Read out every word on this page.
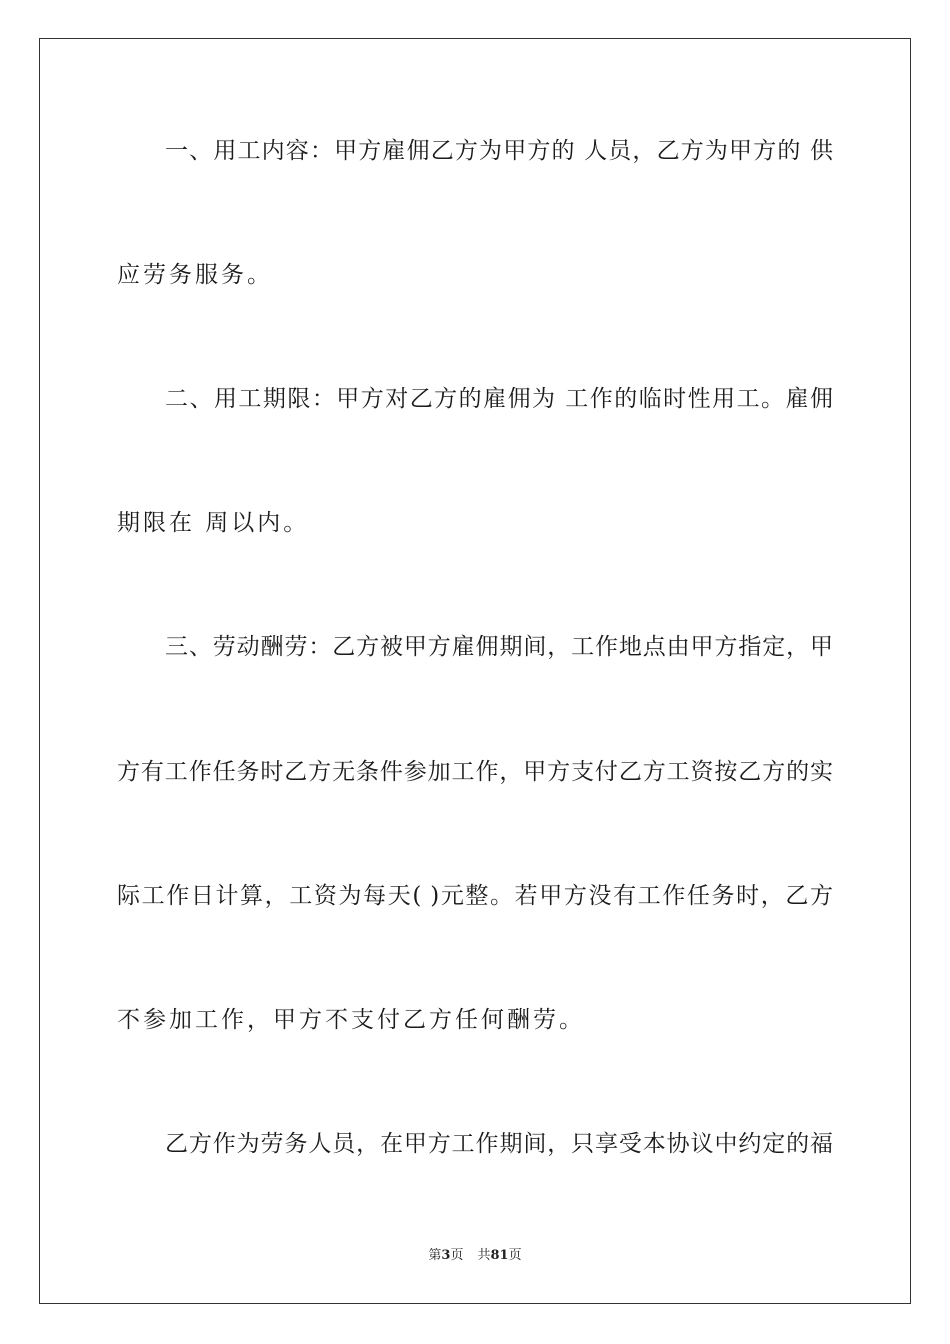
一、用工内容：甲方雇佣乙方为甲方的 人员，乙方为甲方的 供
应劳务服务。
二、用工期限：甲方对乙方的雇佣为 工作的临时性用工。雇佣
期限在 周以内。
三、劳动酬劳：乙方被甲方雇佣期间，工作地点由甲方指定，甲
方有工作任务时乙方无条件参加工作，甲方支付乙方工资按乙方的实
际工作日计算，工资为每天( )元整。若甲方没有工作任务时，乙方
不参加工作，甲方不支付乙方任何酬劳。
乙方作为劳务人员，在甲方工作期间，只享受本协议中约定的福
第3页 共81页
